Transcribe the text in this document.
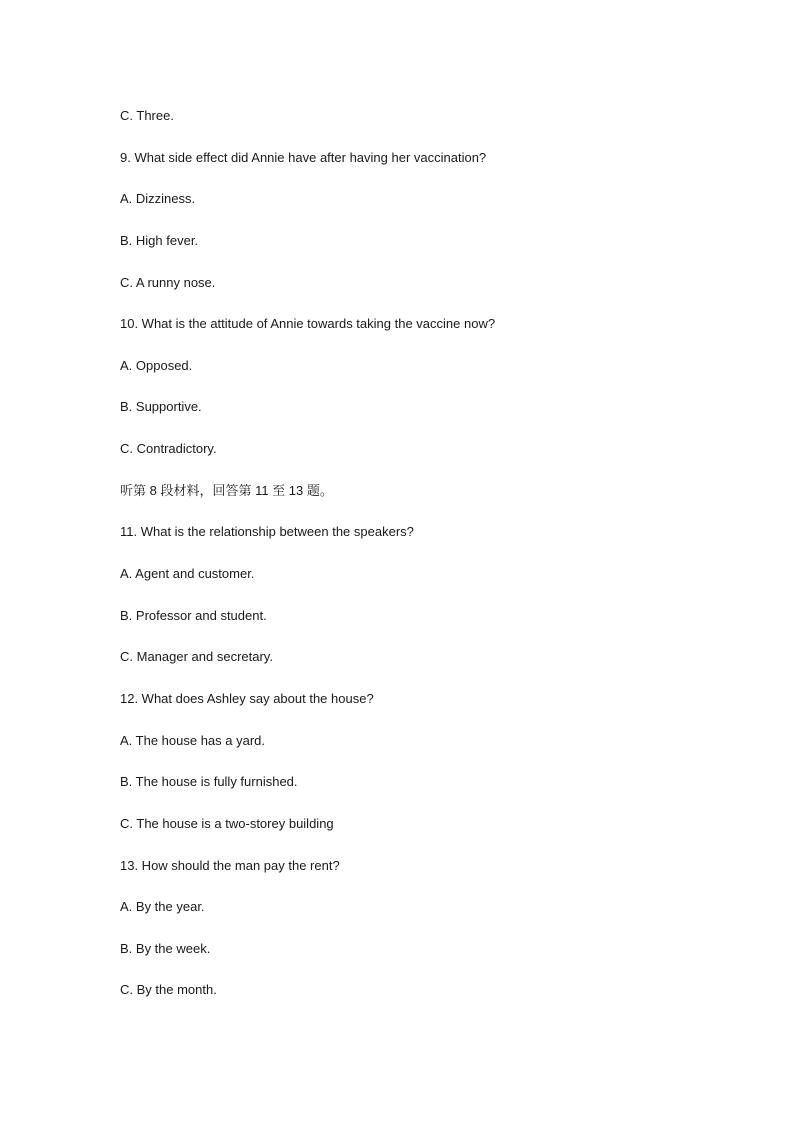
C. Three.
9. What side effect did Annie have after having her vaccination?
A. Dizziness.
B. High fever.
C. A runny nose.
10. What is the attitude of Annie towards taking the vaccine now?
A. Opposed.
B. Supportive.
C. Contradictory.
听第 8 段材料，回答第 11 至 13 题。
11. What is the relationship between the speakers?
A. Agent and customer.
B. Professor and student.
C. Manager and secretary.
12. What does Ashley say about the house?
A. The house has a yard.
B. The house is fully furnished.
C. The house is a two-storey building
13. How should the man pay the rent?
A. By the year.
B. By the week.
C. By the month.
